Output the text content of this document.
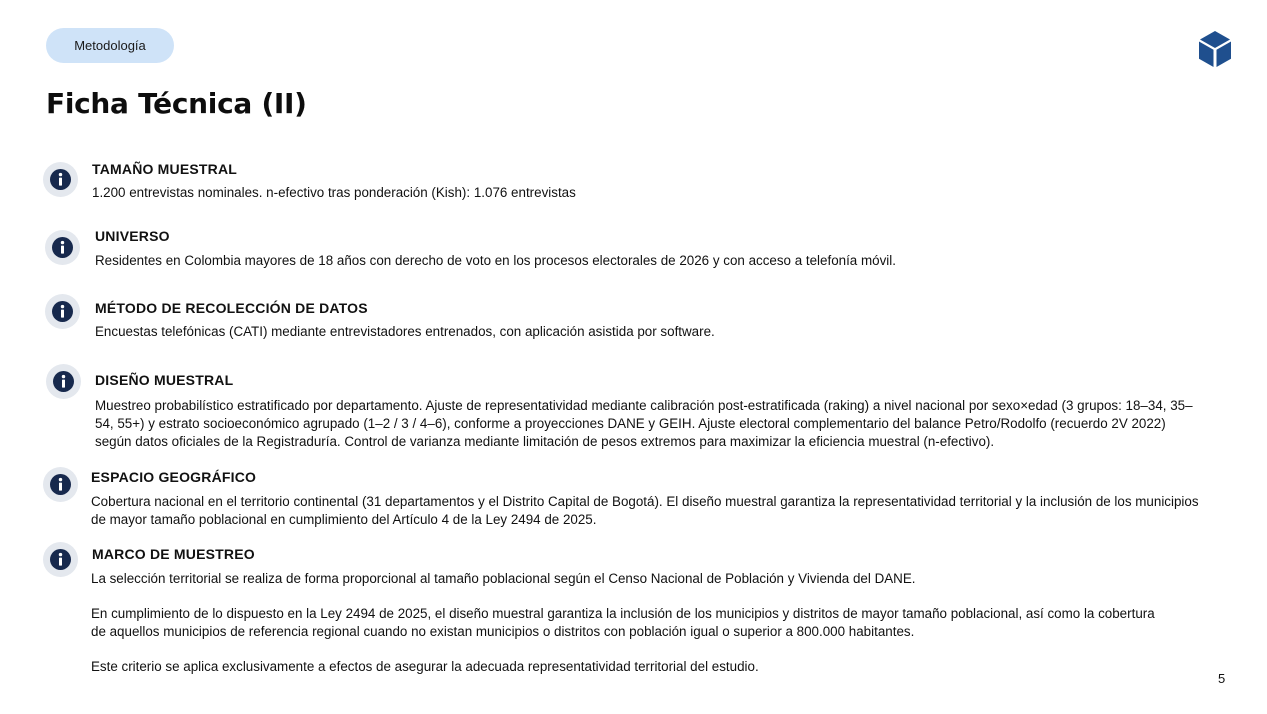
Metodología
Ficha Técnica (II)
TAMAÑO MUESTRAL

1.200 entrevistas nominales. n-efectivo tras ponderación (Kish): 1.076 entrevistas

UNIVERSO

Residentes en Colombia mayores de 18 años con derecho de voto en los procesos electorales de 2026 y con acceso a telefonía móvil.

MÉTODO DE RECOLECCIÓN DE DATOS

Encuestas telefónicas (CATI) mediante entrevistadores entrenados, con aplicación asistida por software.

DISEÑO MUESTRAL

Muestreo probabilístico estratificado por departamento. Ajuste de representatividad mediante calibración post-estratificada (raking) a nivel nacional por sexo×edad (3 grupos: 18–34, 35–54, 55+) y estrato socioeconómico agrupado (1–2 / 3 / 4–6), conforme a proyecciones DANE y GEIH. Ajuste electoral complementario del balance Petro/Rodolfo (recuerdo 2V 2022) según datos oficiales de la Registraduría. Control de varianza mediante limitación de pesos extremos para maximizar la eficiencia muestral (n-efectivo).

ESPACIO GEOGRÁFICO

Cobertura nacional en el territorio continental (31 departamentos y el Distrito Capital de Bogotá). El diseño muestral garantiza la representatividad territorial y la inclusión de los municipios de mayor tamaño poblacional en cumplimiento del Artículo 4 de la Ley 2494 de 2025.

MARCO DE MUESTREO

La selección territorial se realiza de forma proporcional al tamaño poblacional según el Censo Nacional de Población y Vivienda del DANE.

En cumplimiento de lo dispuesto en la Ley 2494 de 2025, el diseño muestral garantiza la inclusión de los municipios y distritos de mayor tamaño poblacional, así como la cobertura de aquellos municipios de referencia regional cuando no existan municipios o distritos con población igual o superior a 800.000 habitantes.

Este criterio se aplica exclusivamente a efectos de asegurar la adecuada representatividad territorial del estudio.

5
